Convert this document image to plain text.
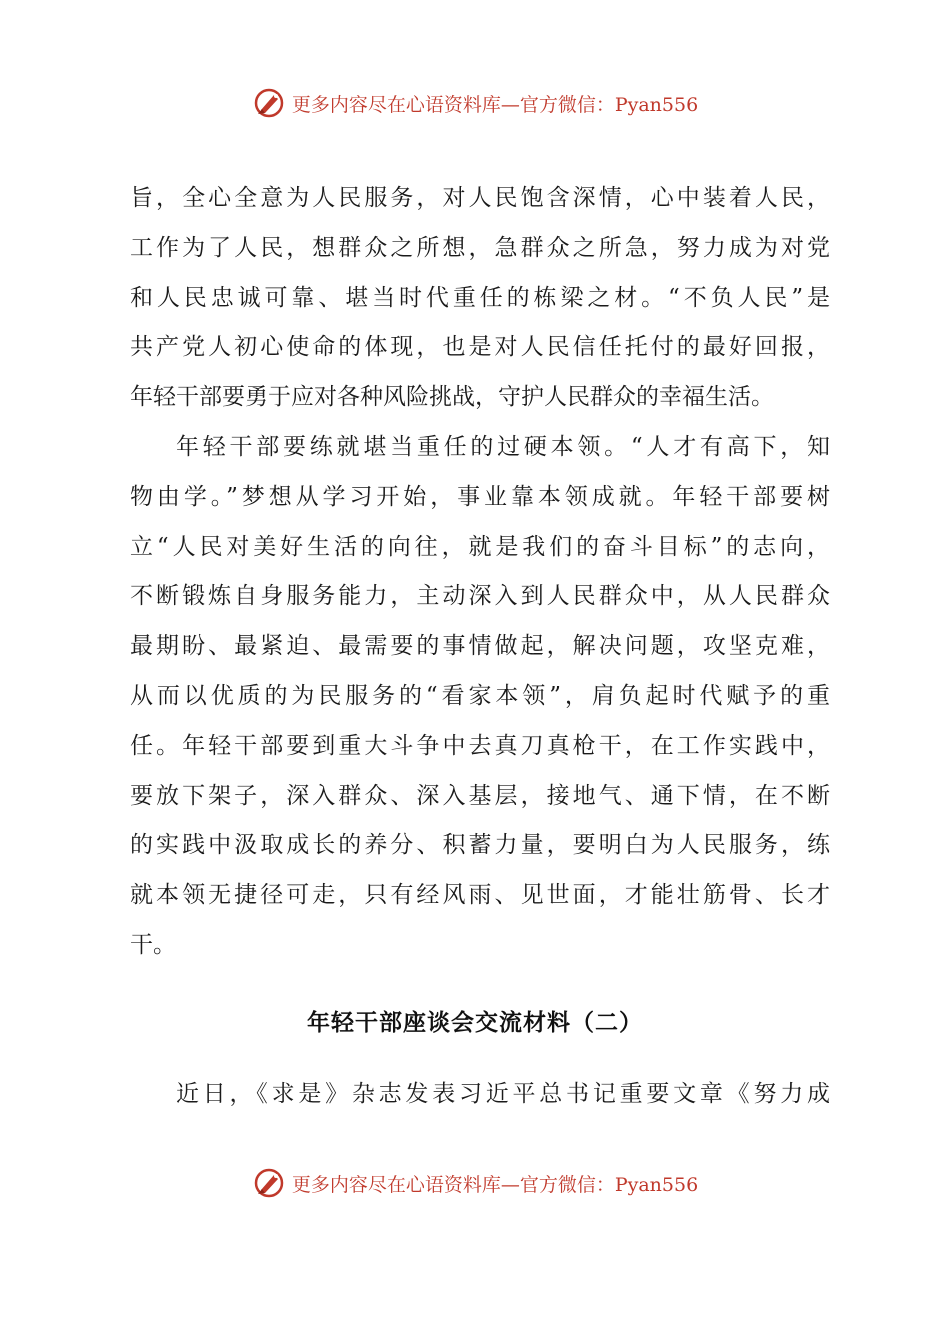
更多内容尽在心语资料库—官方微信：Pyan556
旨，全心全意为人民服务，对人民饱含深情，心中装着人民，
工作为了人民，想群众之所想，急群众之所急，努力成为对党
和人民忠诚可靠、堪当时代重任的栋梁之材。“不负人民”是
共产党人初心使命的体现，也是对人民信任托付的最好回报，
年轻干部要勇于应对各种风险挑战，守护人民群众的幸福生活。
年轻干部要练就堪当重任的过硬本领。“人才有高下，知
物由学。”梦想从学习开始，事业靠本领成就。年轻干部要树
立“人民对美好生活的向往，就是我们的奋斗目标”的志向，
不断锻炼自身服务能力，主动深入到人民群众中，从人民群众
最期盼、最紧迫、最需要的事情做起，解决问题，攻坚克难，
从而以优质的为民服务的“看家本领”，肩负起时代赋予的重
任。年轻干部要到重大斗争中去真刀真枪干，在工作实践中，
要放下架子，深入群众、深入基层，接地气、通下情，在不断
的实践中汲取成长的养分、积蓄力量，要明白为人民服务，练
就本领无捷径可走，只有经风雨、见世面，才能壮筋骨、长才
干。
年轻干部座谈会交流材料（二）
近日，《求是》杂志发表习近平总书记重要文章《努力成
更多内容尽在心语资料库—官方微信：Pyan556
